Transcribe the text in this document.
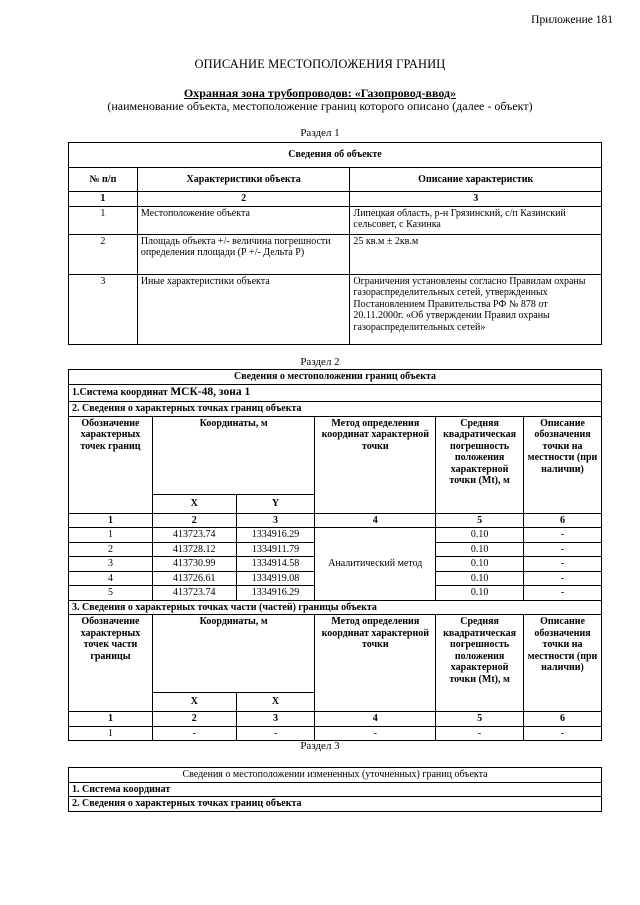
Приложение 181
ОПИСАНИЕ МЕСТОПОЛОЖЕНИЯ ГРАНИЦ
Охранная зона трубопроводов: «Газопровод-ввод»
(наименование объекта, местоположение границ которого описано (далее - объект)
Раздел 1
Сведения об объекте		
№ п/п	Характеристики объекта	Описание характеристик
1	2	3
1	Местоположение объекта	Липецкая область, р-н Грязинский, с/п Казинский сельсовет, с Казинка
2	Площадь объекта +/- величина погрешности определения площади (Р +/- Дельта Р)	25 кв.м ± 2кв.м
3	Иные характеристики объекта	Ограничения установлены согласно Правилам охраны газораспределительных сетей, утвержденных Постановлением Правительства РФ № 878 от 20.11.2000г. «Об утверждении Правил охраны газораспределительных сетей»
Раздел 2
Сведения о местоположении границ объекта					
1.Система координат МСК-48, зона 1					
2. Сведения о характерных точках границ объекта					
Обозначение характерных точек границ	Координаты, м		Метод определения координат характерной точки	Средняя квадратическая погрешность положения характерной точки (Mt), м	Описание обозначения точки на местности (при наличии)
	X	Y			
1	2	3	4	5	6
1	413723.74	1334916.29	Аналитический метод	0.10	-
2	413728.12	1334911.79		0.10	-
3	413730.99	1334914.58		0.10	-
4	413726.61	1334919.08		0.10	-
5	413723.74	1334916.29		0.10	-
3. Сведения о характерных точках части (частей) границы объекта					
Обозначение характерных точек части границы	Координаты, м		Метод определения координат характерной точки	Средняя квадратическая погрешность положения характерной точки (Mt), м	Описание обозначения точки на местности (при наличии)
	X	X			
1	2	3	4	5	6
1	-	-	-	-	-
Раздел 3
Сведения о местоположении измененных (уточненных) границ объекта
1. Система координат
2. Сведения о характерных точках границ объекта
